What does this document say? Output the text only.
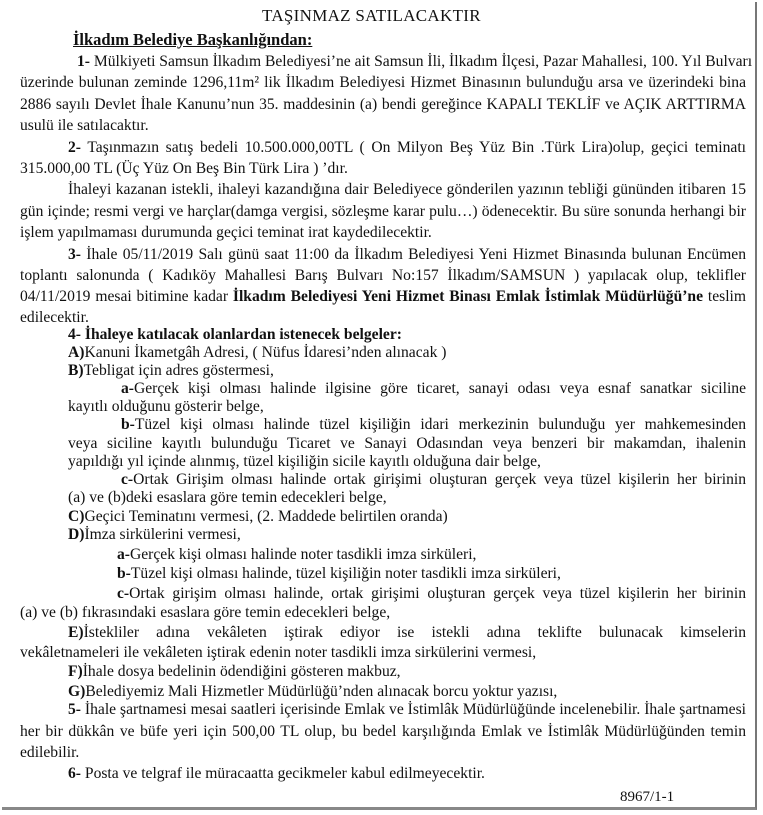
TAŞINMAZ SATILACAKTIR
İlkadım Belediye Başkanlığından:
1- Mülkiyeti Samsun İlkadım Belediyesi’ne ait Samsun İli, İlkadım İlçesi, Pazar Mahallesi, 100. Yıl Bulvarı
üzerinde bulunan zeminde 1296,11m² lik İlkadım Belediyesi Hizmet Binasının bulunduğu arsa ve üzerindeki bina
2886 sayılı Devlet İhale Kanunu’nun 35. maddesinin (a) bendi gereğince KAPALI TEKLİF ve AÇIK ARTTIRMA
usulü ile satılacaktır.
2- Taşınmazın satış bedeli 10.500.000,00TL ( On Milyon Beş Yüz Bin .Türk Lira)olup, geçici teminatı
315.000,00 TL (Üç Yüz On Beş Bin Türk Lira ) ’dır.
İhaleyi kazanan istekli, ihaleyi kazandığına dair Belediyece gönderilen yazının tebliği gününden itibaren 15
gün içinde; resmi vergi ve harçlar(damga vergisi, sözleşme karar pulu…) ödenecektir. Bu süre sonunda herhangi bir
işlem yapılmaması durumunda geçici teminat irat kaydedilecektir.
3- İhale 05/11/2019 Salı günü saat 11:00 da İlkadım Belediyesi Yeni Hizmet Binasında bulunan Encümen
toplantı salonunda ( Kadıköy Mahallesi Barış Bulvarı No:157 İlkadım/SAMSUN ) yapılacak olup, teklifler
04/11/2019 mesai bitimine kadar İlkadım Belediyesi Yeni Hizmet Binası Emlak İstimlak Müdürlüğü’ne teslim
edilecektir.
4- İhaleye katılacak olanlardan istenecek belgeler:
A)Kanuni İkametgâh Adresi, ( Nüfus İdaresi’nden alınacak )
B)Tebligat için adres göstermesi,
a-Gerçek kişi olması halinde ilgisine göre ticaret, sanayi odası veya esnaf sanatkar siciline
kayıtlı olduğunu gösterir belge,
b-Tüzel kişi olması halinde tüzel kişiliğin idari merkezinin bulunduğu yer mahkemesinden
veya siciline kayıtlı bulunduğu Ticaret ve Sanayi Odasından veya benzeri bir makamdan, ihalenin
yapıldığı yıl içinde alınmış, tüzel kişiliğin sicile kayıtlı olduğuna dair belge,
c-Ortak Girişim olması halinde ortak girişimi oluşturan gerçek veya tüzel kişilerin her birinin
(a) ve (b)deki esaslara göre temin edecekleri belge,
C)Geçici Teminatını vermesi, (2. Maddede belirtilen oranda)
D)İmza sirkülerini vermesi,
a-Gerçek kişi olması halinde noter tasdikli imza sirküleri,
b-Tüzel kişi olması halinde, tüzel kişiliğin noter tasdikli imza sirküleri,
c-Ortak girişim olması halinde, ortak girişimi oluşturan gerçek veya tüzel kişilerin her birinin
(a) ve (b) fıkrasındaki esaslara göre temin edecekleri belge,
E)İstekliler adına vekâleten iştirak ediyor ise istekli adına teklifte bulunacak kimselerin
vekâletnameleri ile vekâleten iştirak edenin noter tasdikli imza sirkülerini vermesi,
F)İhale dosya bedelinin ödendiğini gösteren makbuz,
G)Belediyemiz Mali Hizmetler Müdürlüğü’nden alınacak borcu yoktur yazısı,
5- İhale şartnamesi mesai saatleri içerisinde Emlak ve İstimlâk Müdürlüğünde incelenebilir. İhale şartnamesi
her bir dükkân ve büfe yeri için 500,00 TL olup, bu bedel karşılığında Emlak ve İstimlâk Müdürlüğünden temin
edilebilir.
6- Posta ve telgraf ile müracaatta gecikmeler kabul edilmeyecektir.
8967/1-1
